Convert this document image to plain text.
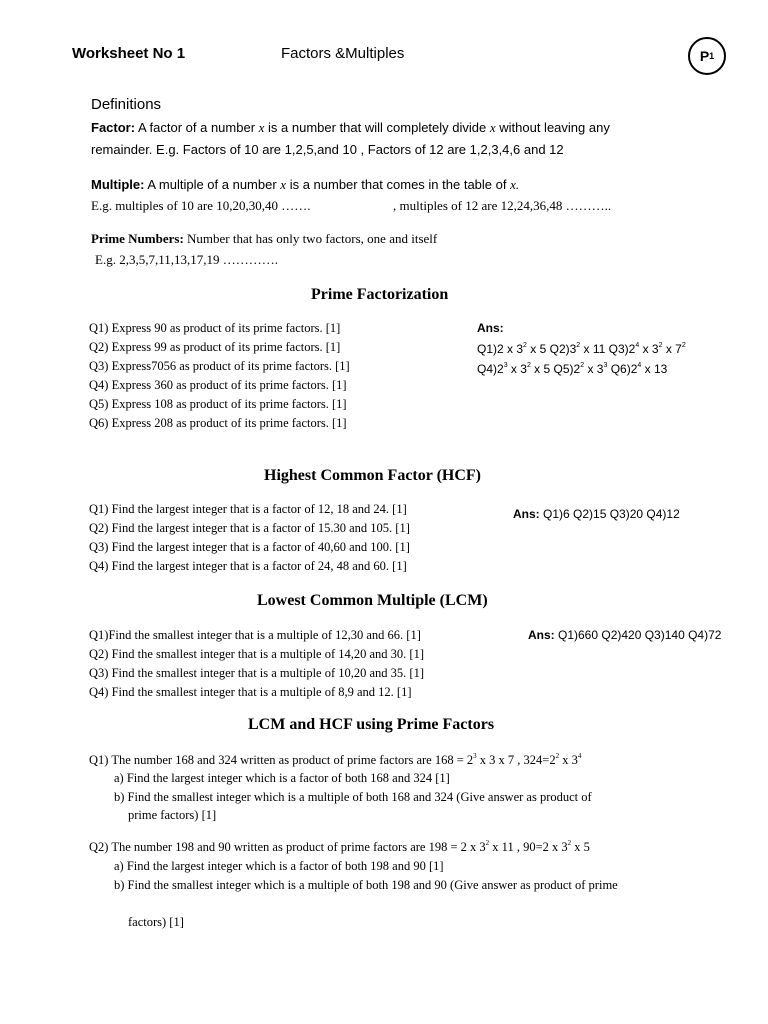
Worksheet No 1	Factors &Multiples	P 1
Definitions
Factor: A factor of a number x is a number that will completely divide x without leaving any
remainder. E.g. Factors of 10 are 1,2,5,and 10 , Factors of 12 are 1,2,3,4,6 and 12
Multiple: A multiple of a number x is a number that comes in the table of x.
E.g. multiples of 10 are 10,20,30,40 …….	, multiples of 12 are 12,24,36,48 ………..
Prime Numbers: Number that has only two factors, one and itself
E.g. 2,3,5,7,11,13,17,19 ………….
Prime Factorization
Q1) Express 90 as product of its prime factors. [1]
Q2) Express 99 as product of its prime factors. [1]
Q3) Express7056 as product of its prime factors. [1]
Q4) Express 360 as product of its prime factors. [1]
Q5) Express 108 as product of its prime factors. [1]
Q6) Express 208 as product of its prime factors. [1]
Ans:
Q1)2 x $3^2$ x 5 $Q2)3^2$ x 11 $Q3)2^4$ x $3^2$ x $7^2$
$Q4)2^3$ x $3^2$ x 5 $Q5)2^2$ x $3^3$ $Q6)2^4$ x 13
Highest Common Factor (HCF)
Q1) Find the largest integer that is a factor of 12, 18 and 24. [1]
Q2) Find the largest integer that is a factor of 15.30 and 105. [1]
Q3) Find the largest integer that is a factor of 40,60 and 100. [1]
Q4) Find the largest integer that is a factor of 24, 48 and 60. [1]
Ans: Q1)6 Q2)15 Q3)20 Q4)12
Lowest Common Multiple (LCM)
Q1)Find the smallest integer that is a multiple of 12,30 and 66. [1]
Q2) Find the smallest integer that is a multiple of 14,20 and 30. [1]
Q3) Find the smallest integer that is a multiple of 10,20 and 35. [1]
Q4) Find the smallest integer that is a multiple of 8,9 and 12. [1]
Ans: Q1)660 Q2)420 Q3)140 Q4)72
LCM and HCF using Prime Factors
Q1) The number 168 and 324 written as product of prime factors are $168 = 2^3$ x 3 x 7 , $324=2^2$ x $3^4$
a) Find the largest integer which is a factor of both 168 and 324 [1]
b) Find the smallest integer which is a multiple of both 168 and 324 (Give answer as product of
prime factors) [1]
Q2) The number 198 and 90 written as product of prime factors are 198 = 2 x $3^2$ x 11 , 90=2 x $3^2$ x 5
a) Find the largest integer which is a factor of both 198 and 90 [1]
b) Find the smallest integer which is a multiple of both 198 and 90 (Give answer as product of prime
factors) [1]
